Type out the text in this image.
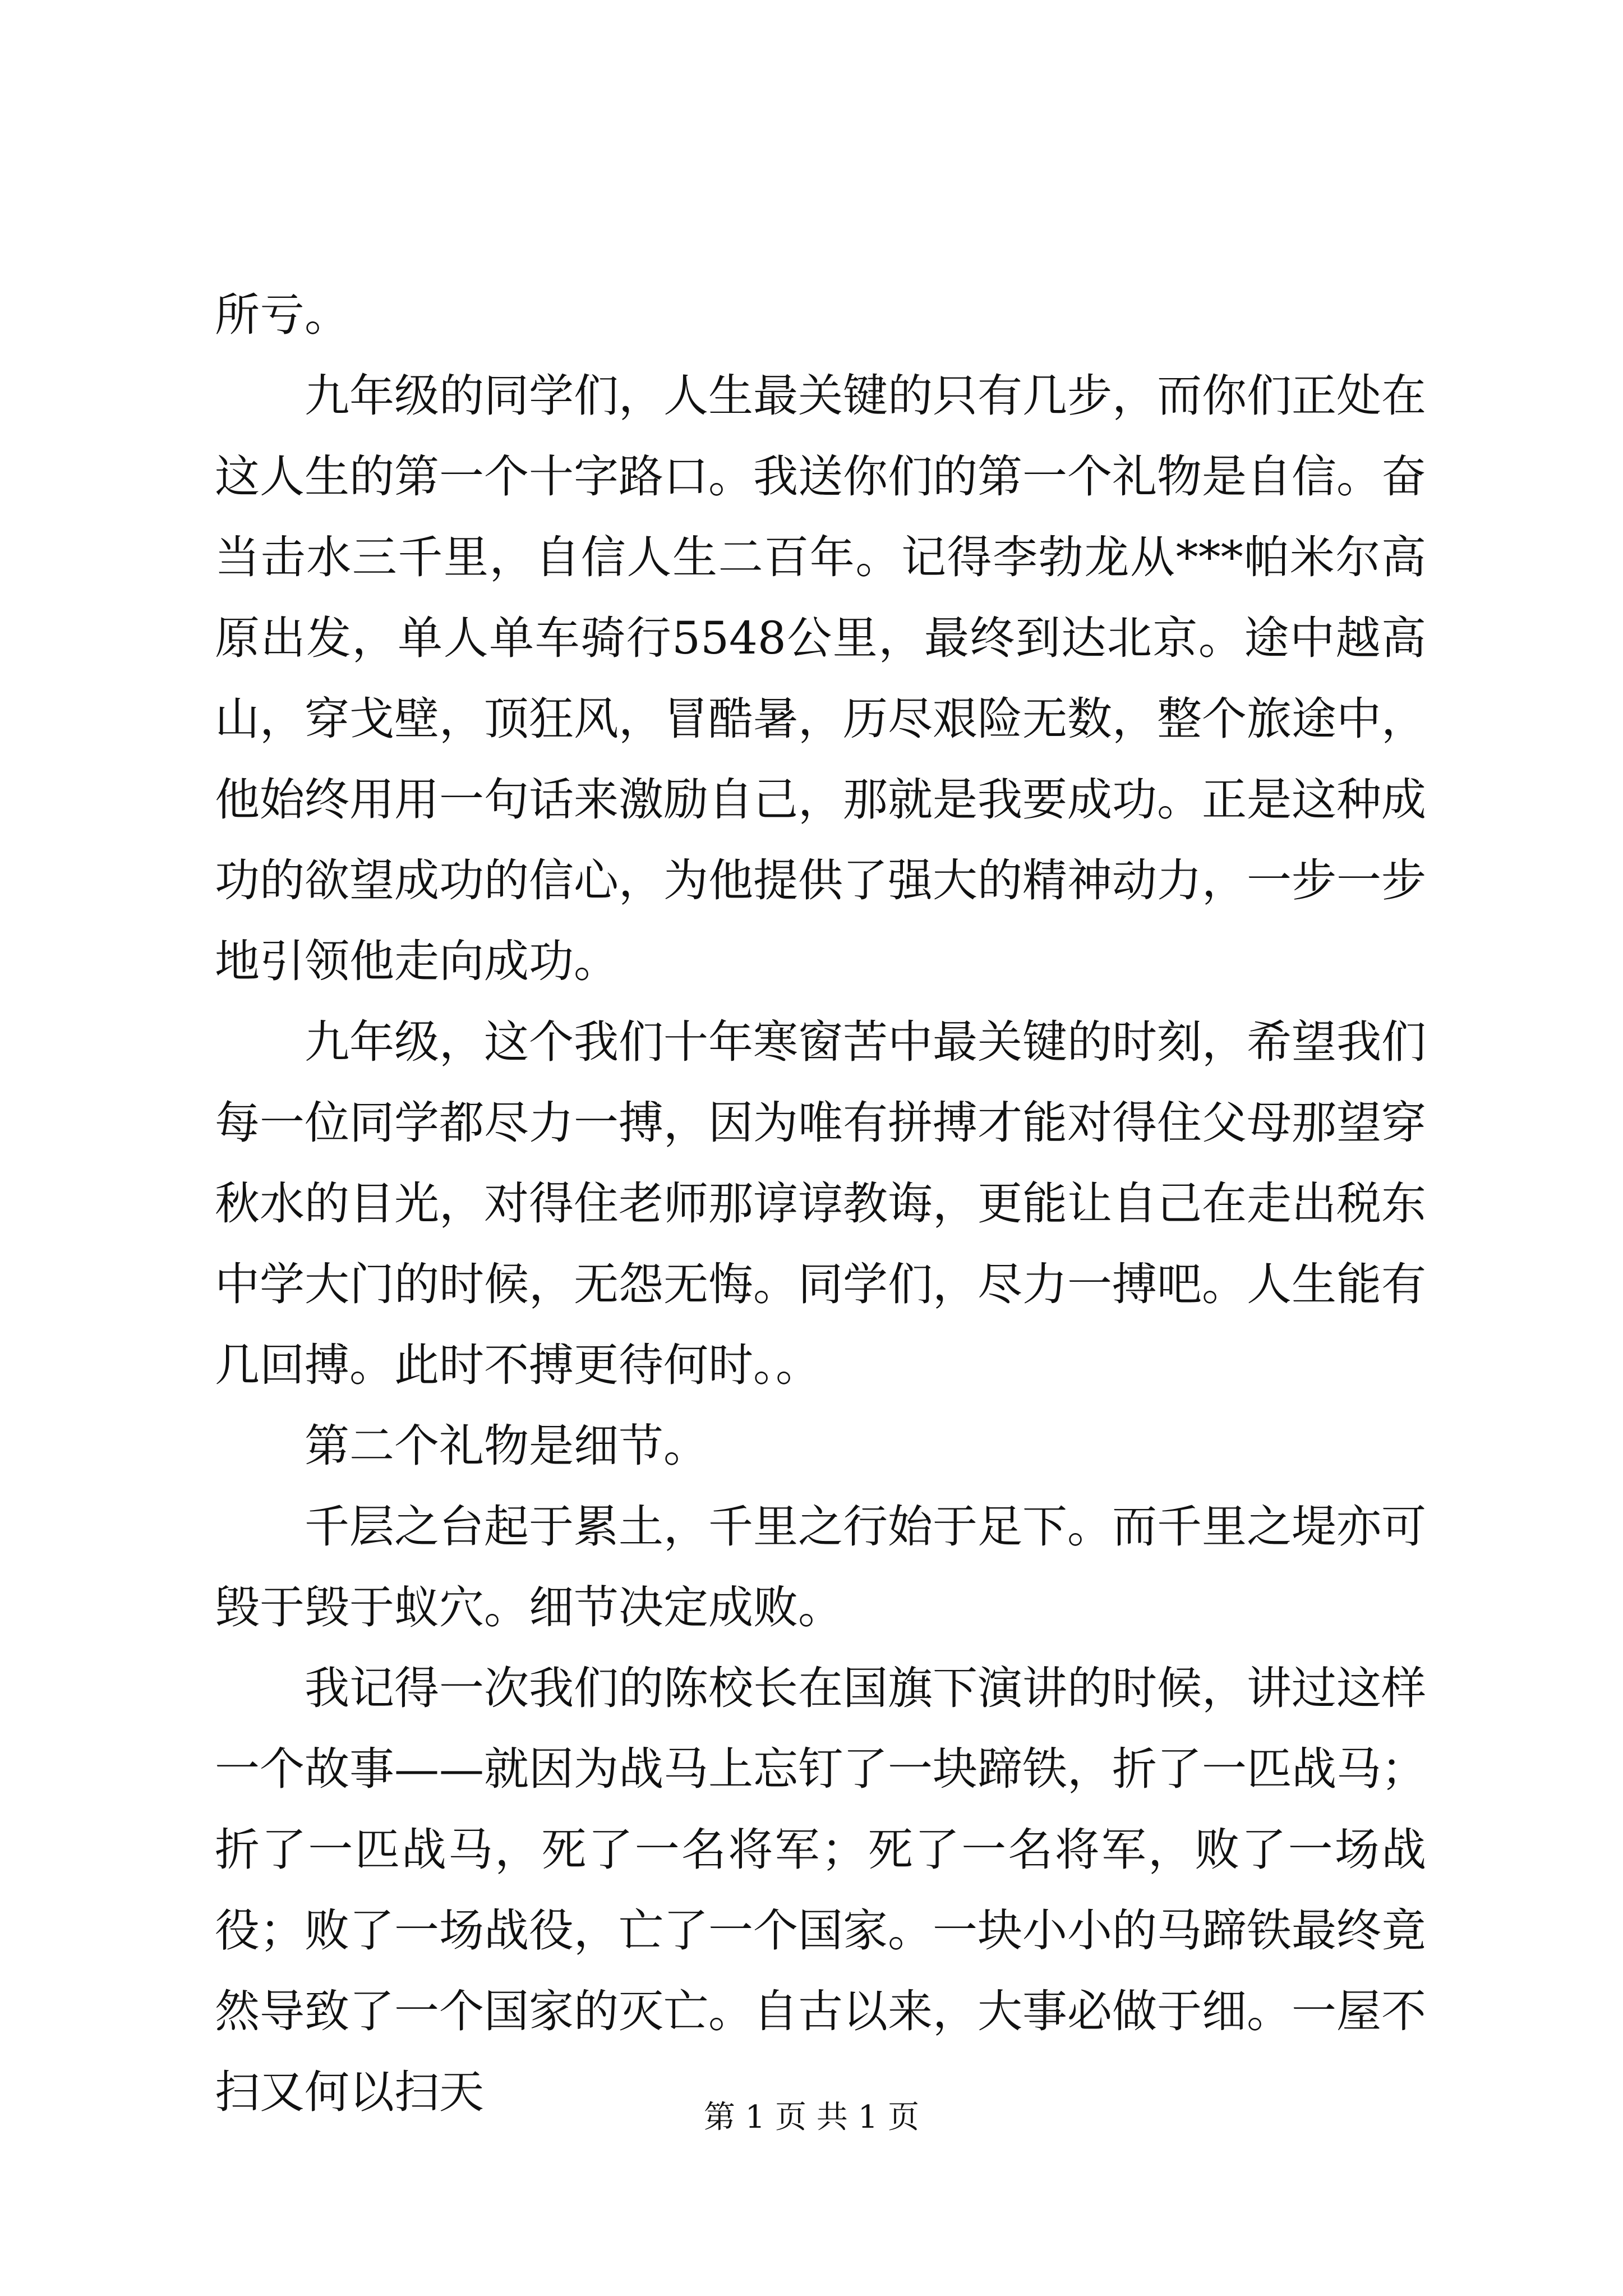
所亏。

九年级的同学们，人生最关键的只有几步，而你们正处在这人生的第一个十字路口。我送你们的第一个礼物是自信。奋当击水三千里，自信人生二百年。记得李勃龙从***帕米尔高原出发，单人单车骑行5548公里，最终到达北京。途中越高山，穿戈壁，顶狂风，冒酷暑，历尽艰险无数，整个旅途中，他始终用用一句话来激励自己，那就是我要成功。正是这种成功的欲望成功的信心，为他提供了强大的精神动力，一步一步地引领他走向成功。

九年级，这个我们十年寒窗苦中最关键的时刻，希望我们每一位同学都尽力一搏，因为唯有拼搏才能对得住父母那望穿秋水的目光，对得住老师那谆谆教诲，更能让自己在走出税东中学大门的时候，无怨无悔。同学们，尽力一搏吧。人生能有几回搏。此时不搏更待何时。。

第二个礼物是细节。

千层之台起于累土，千里之行始于足下。而千里之堤亦可毁于毁于蚁穴。细节决定成败。

我记得一次我们的陈校长在国旗下演讲的时候，讲过这样一个故事——就因为战马上忘钉了一块蹄铁，折了一匹战马；折了一匹战马，死了一名将军；死了一名将军，败了一场战役；败了一场战役，亡了一个国家。一块小小的马蹄铁最终竟然导致了一个国家的灭亡。自古以来，大事必做于细。一屋不扫又何以扫天	第 1 页 共 1 页
